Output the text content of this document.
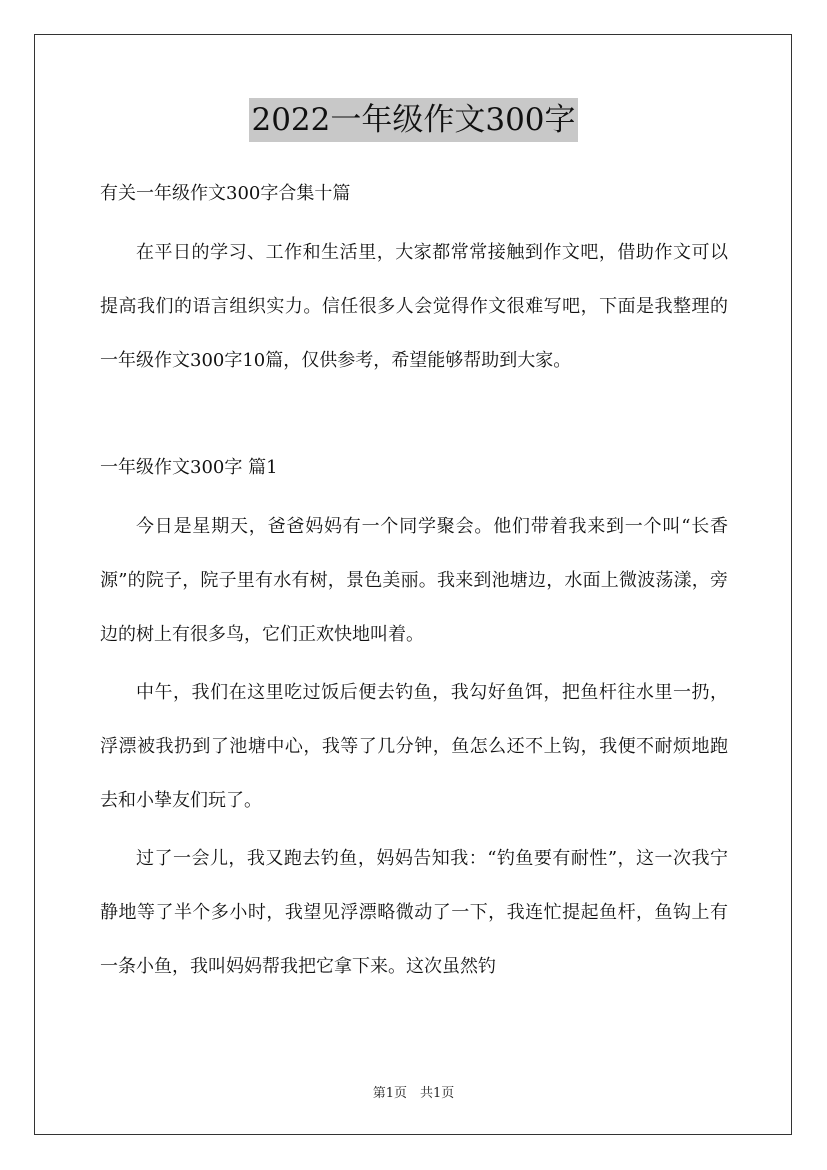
2022一年级作文300字

有关一年级作文300字合集十篇

在平日的学习、工作和生活里，大家都常常接触到作文吧，借助作文可以提高我们的语言组织实力。信任很多人会觉得作文很难写吧，下面是我整理的一年级作文300字10篇，仅供参考，希望能够帮助到大家。

一年级作文300字 篇1

今日是星期天，爸爸妈妈有一个同学聚会。他们带着我来到一个叫“长香源”的院子，院子里有水有树，景色美丽。我来到池塘边，水面上微波荡漾，旁边的树上有很多鸟，它们正欢快地叫着。

中午，我们在这里吃过饭后便去钓鱼，我勾好鱼饵，把鱼杆往水里一扔， 浮漂被我扔到了池塘中心，我等了几分钟，鱼怎么还不上钩，我便不耐烦地跑去和小挚友们玩了。

过了一会儿，我又跑去钓鱼，妈妈告知我：“钓鱼要有耐性”，这一次我宁静地等了半个多小时，我望见浮漂略微动了一下，我连忙提起鱼杆，鱼钩上有一条小鱼，我叫妈妈帮我把它拿下来。这次虽然钓

第1页　共1页
